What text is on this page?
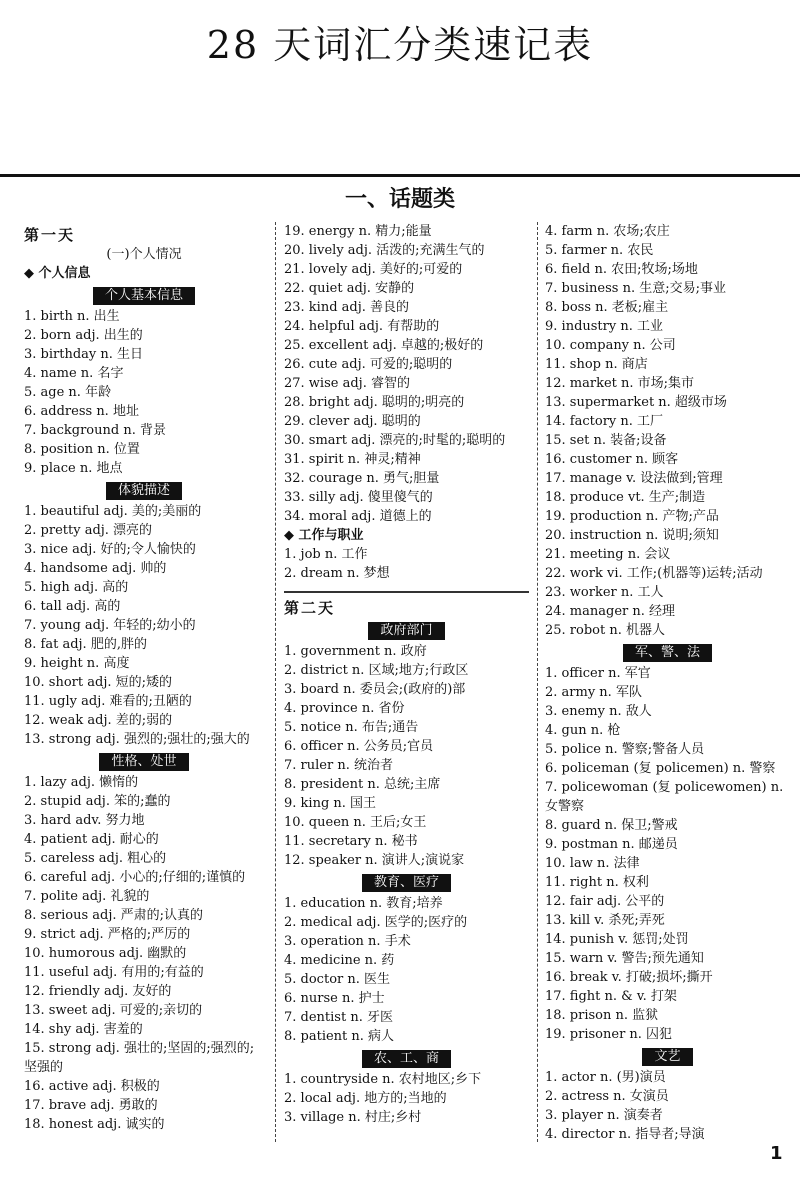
28 天词汇分类速记表
一、话题类
第一天
(一)个人情况
◆ 个人信息
个人基本信息
1. birth n. 出生
2. born adj. 出生的
3. birthday n. 生日
4. name n. 名字
5. age n. 年龄
6. address n. 地址
7. background n. 背景
8. position n. 位置
9. place n. 地点
体貌描述
1. beautiful adj. 美的;美丽的
2. pretty adj. 漂亮的
3. nice adj. 好的;令人愉快的
4. handsome adj. 帅的
5. high adj. 高的
6. tall adj. 高的
7. young adj. 年轻的;幼小的
8. fat adj. 肥的,胖的
9. height n. 高度
10. short adj. 短的;矮的
11. ugly adj. 难看的;丑陋的
12. weak adj. 差的;弱的
13. strong adj. 强烈的;强壮的;强大的
性格、处世
1. lazy adj. 懒惰的
2. stupid adj. 笨的;蠢的
3. hard adv. 努力地
4. patient adj. 耐心的
5. careless adj. 粗心的
6. careful adj. 小心的;仔细的;谨慎的
7. polite adj. 礼貌的
8. serious adj. 严肃的;认真的
9. strict adj. 严格的;严厉的
10. humorous adj. 幽默的
11. useful adj. 有用的;有益的
12. friendly adj. 友好的
13. sweet adj. 可爱的;亲切的
14. shy adj. 害羞的
15. strong adj. 强壮的;坚固的;强烈的;坚强的
16. active adj. 积极的
17. brave adj. 勇敢的
18. honest adj. 诚实的
19. energy n. 精力;能量
20. lively adj. 活泼的;充满生气的
21. lovely adj. 美好的;可爱的
22. quiet adj. 安静的
23. kind adj. 善良的
24. helpful adj. 有帮助的
25. excellent adj. 卓越的;极好的
26. cute adj. 可爱的;聪明的
27. wise adj. 睿智的
28. bright adj. 聪明的;明亮的
29. clever adj. 聪明的
30. smart adj. 漂亮的;时髦的;聪明的
31. spirit n. 神灵;精神
32. courage n. 勇气;胆量
33. silly adj. 傻里傻气的
34. moral adj. 道德上的
◆ 工作与职业
1. job n. 工作
2. dream n. 梦想
第二天
政府部门
1. government n. 政府
2. district n. 区域;地方;行政区
3. board n. 委员会;(政府的)部
4. province n. 省份
5. notice n. 布告;通告
6. officer n. 公务员;官员
7. ruler n. 统治者
8. president n. 总统;主席
9. king n. 国王
10. queen n. 王后;女王
11. secretary n. 秘书
12. speaker n. 演讲人;演说家
教育、医疗
1. education n. 教育;培养
2. medical adj. 医学的;医疗的
3. operation n. 手术
4. medicine n. 药
5. doctor n. 医生
6. nurse n. 护士
7. dentist n. 牙医
8. patient n. 病人
农、工、商
1. countryside n. 农村地区;乡下
2. local adj. 地方的;当地的
3. village n. 村庄;乡村
4. farm n. 农场;农庄
5. farmer n. 农民
6. field n. 农田;牧场;场地
7. business n. 生意;交易;事业
8. boss n. 老板;雇主
9. industry n. 工业
10. company n. 公司
11. shop n. 商店
12. market n. 市场;集市
13. supermarket n. 超级市场
14. factory n. 工厂
15. set n. 装备;设备
16. customer n. 顾客
17. manage v. 设法做到;管理
18. produce vt. 生产;制造
19. production n. 产物;产品
20. instruction n. 说明;须知
21. meeting n. 会议
22. work vi. 工作;(机器等)运转;活动
23. worker n. 工人
24. manager n. 经理
25. robot n. 机器人
军、警、法
1. officer n. 军官
2. army n. 军队
3. enemy n. 敌人
4. gun n. 枪
5. police n. 警察;警备人员
6. policeman (复 policemen) n. 警察
7. policewoman (复 policewomen) n. 女警察
8. guard n. 保卫;警戒
9. postman n. 邮递员
10. law n. 法律
11. right n. 权利
12. fair adj. 公平的
13. kill v. 杀死;弄死
14. punish v. 惩罚;处罚
15. warn v. 警告;预先通知
16. break v. 打破;损坏;撕开
17. fight n. & v. 打架
18. prison n. 监狱
19. prisoner n. 囚犯
文艺
1. actor n. (男)演员
2. actress n. 女演员
3. player n. 演奏者
4. director n. 指导者;导演
1
